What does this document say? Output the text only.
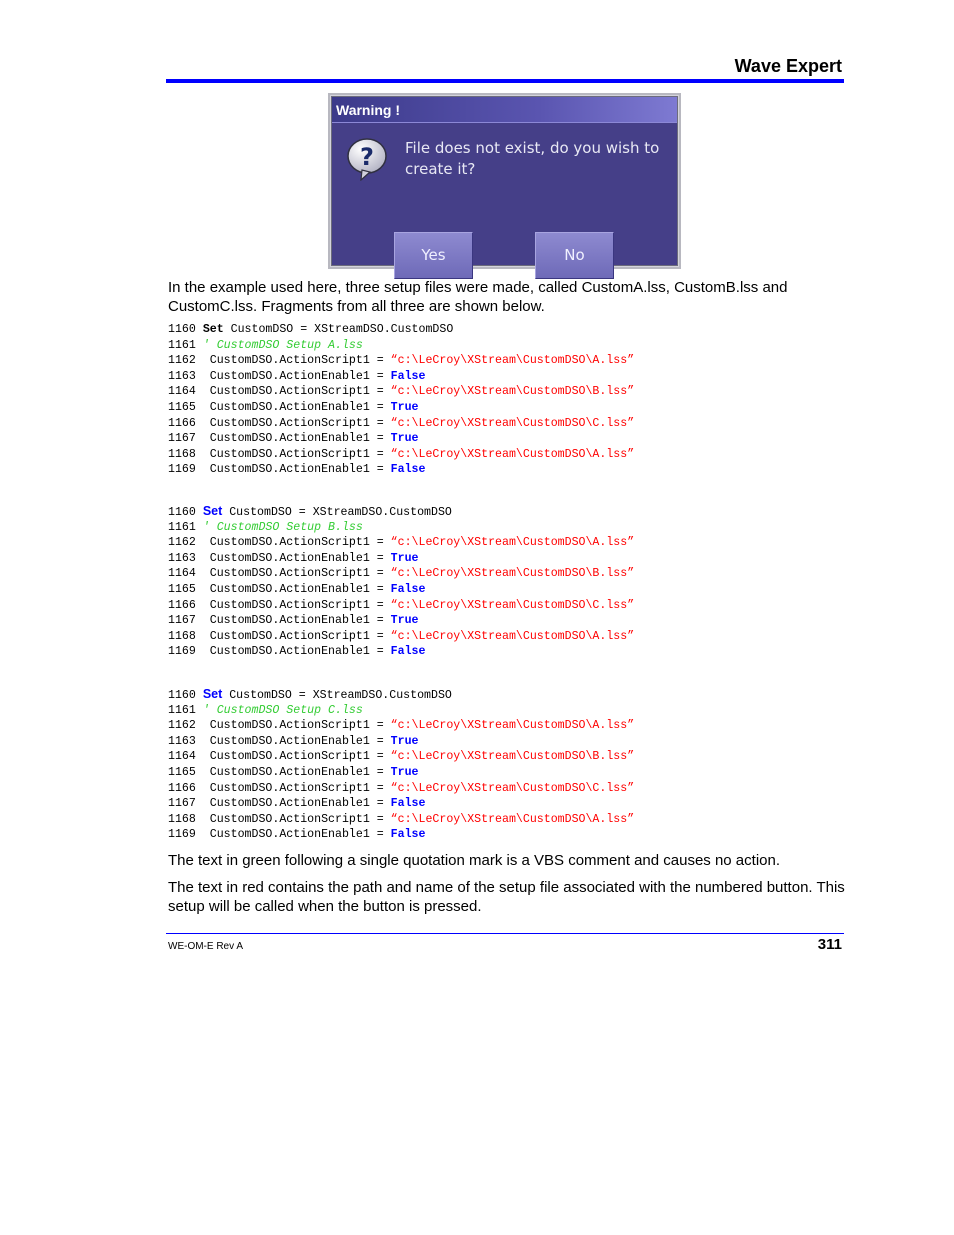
Wave Expert
Warning !
? File does not exist, do you wish to create it?
Yes	No
In the example used here, three setup files were made, called CustomA.lss, CustomB.lss and CustomC.lss. Fragments from all three are shown below.
1160 Set CustomDSO = XStreamDSO.CustomDSO
1161 ' CustomDSO Setup A.lss
1162  CustomDSO.ActionScript1 = “c:\LeCroy\XStream\CustomDSO\A.lss”
1163  CustomDSO.ActionEnable1 = False
1164  CustomDSO.ActionScript1 = “c:\LeCroy\XStream\CustomDSO\B.lss”
1165  CustomDSO.ActionEnable1 = True
1166  CustomDSO.ActionScript1 = “c:\LeCroy\XStream\CustomDSO\C.lss”
1167  CustomDSO.ActionEnable1 = True
1168  CustomDSO.ActionScript1 = “c:\LeCroy\XStream\CustomDSO\A.lss”
1169  CustomDSO.ActionEnable1 = False
1160 Set CustomDSO = XStreamDSO.CustomDSO
1161 ' CustomDSO Setup B.lss
1162  CustomDSO.ActionScript1 = “c:\LeCroy\XStream\CustomDSO\A.lss”
1163  CustomDSO.ActionEnable1 = True
1164  CustomDSO.ActionScript1 = “c:\LeCroy\XStream\CustomDSO\B.lss”
1165  CustomDSO.ActionEnable1 = False
1166  CustomDSO.ActionScript1 = “c:\LeCroy\XStream\CustomDSO\C.lss”
1167  CustomDSO.ActionEnable1 = True
1168  CustomDSO.ActionScript1 = “c:\LeCroy\XStream\CustomDSO\A.lss”
1169  CustomDSO.ActionEnable1 = False
1160 Set CustomDSO = XStreamDSO.CustomDSO
1161 ' CustomDSO Setup C.lss
1162  CustomDSO.ActionScript1 = “c:\LeCroy\XStream\CustomDSO\A.lss”
1163  CustomDSO.ActionEnable1 = True
1164  CustomDSO.ActionScript1 = “c:\LeCroy\XStream\CustomDSO\B.lss”
1165  CustomDSO.ActionEnable1 = True
1166  CustomDSO.ActionScript1 = “c:\LeCroy\XStream\CustomDSO\C.lss”
1167  CustomDSO.ActionEnable1 = False
1168  CustomDSO.ActionScript1 = “c:\LeCroy\XStream\CustomDSO\A.lss”
1169  CustomDSO.ActionEnable1 = False
The text in green following a single quotation mark is a VBS comment and causes no action.
The text in red contains the path and name of the setup file associated with the numbered button. This setup will be called when the button is pressed.
WE-OM-E Rev A	311
